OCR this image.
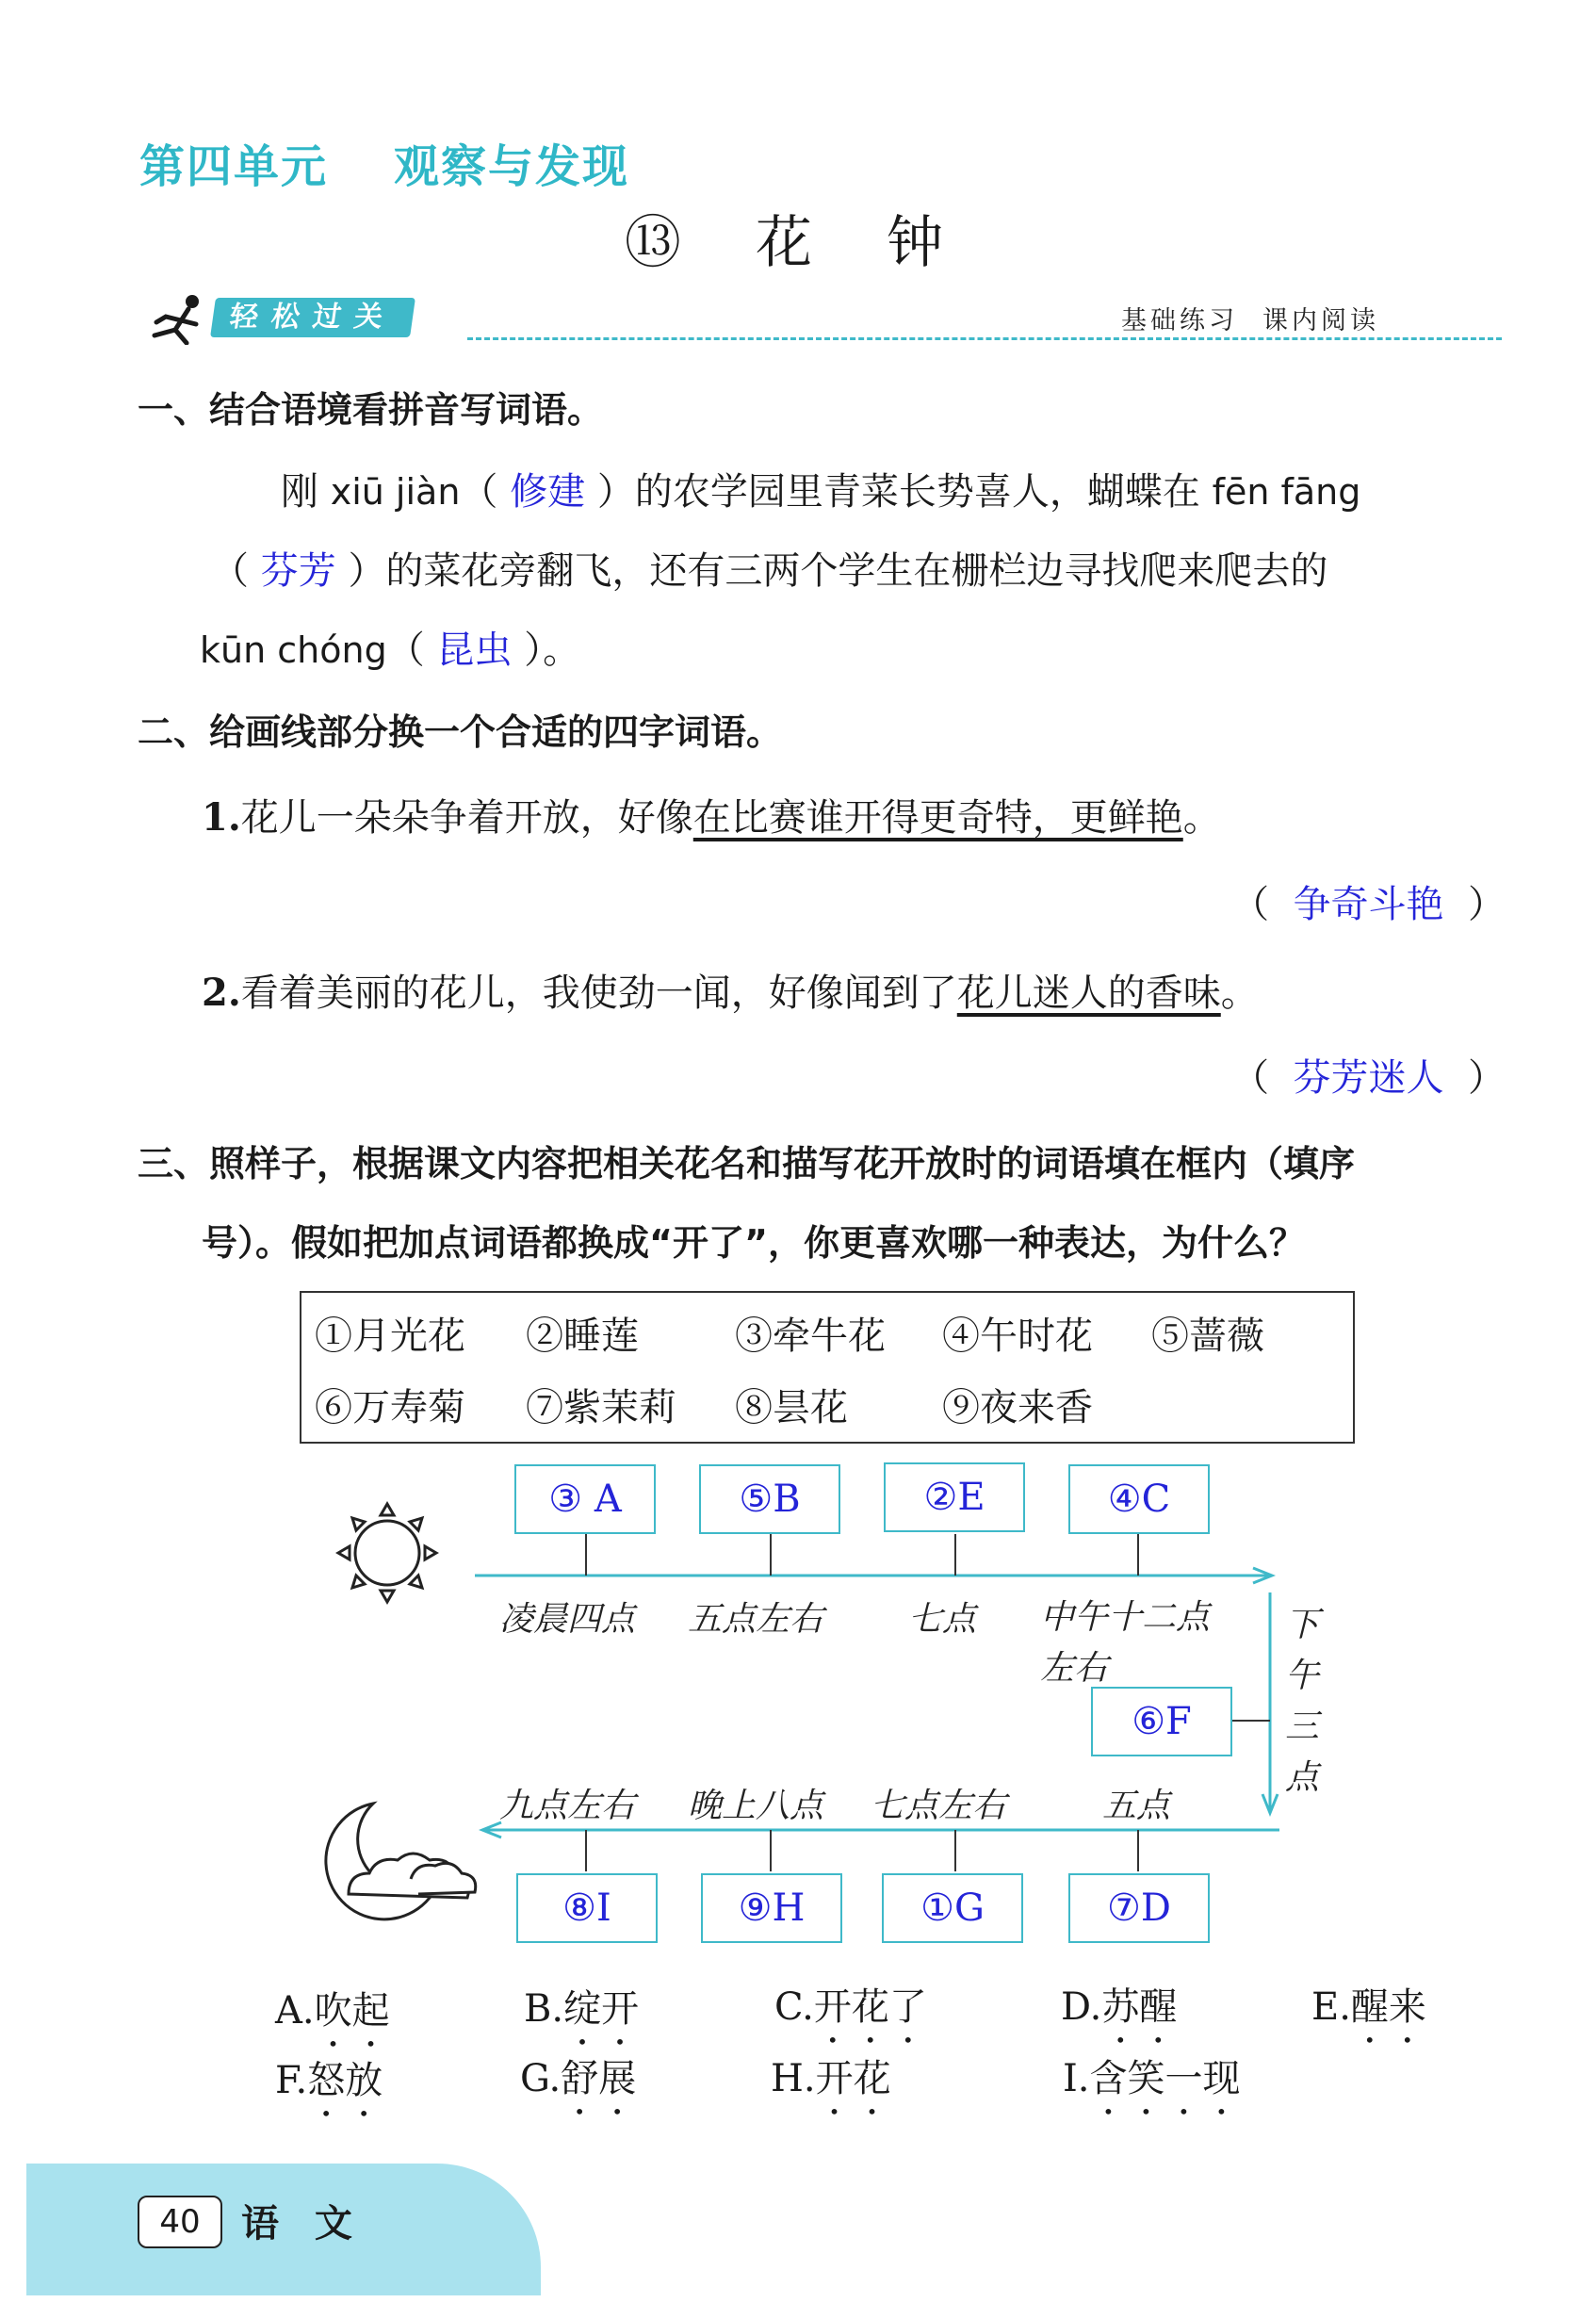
第四单元 观察与发现
⑬ 花 钟
轻松过关	基础练习 课内阅读
一、结合语境看拼音写词语。
刚 xiū jiàn（ 修建 ）的农学园里青菜长势喜人，蝴蝶在 fēn fāng
（ 芬芳 ）的菜花旁翻飞，还有三两个学生在栅栏边寻找爬来爬去的
kūn chóng（ 昆虫 ）。
二、给画线部分换一个合适的四字词语。
1.花儿一朵朵争着开放，好像在比赛谁开得更奇特，更鲜艳。
（  争奇斗艳  ）
2.看着美丽的花儿，我使劲一闻，好像闻到了花儿迷人的香味。
（  芬芳迷人  ）
三、照样子，根据课文内容把相关花名和描写花开放时的词语填在框内（填序
号）。假如把加点词语都换成“开了”，你更喜欢哪一种表达，为什么？
①月光花 ②睡莲	③牵牛花 ④午时花 ⑤蔷薇
⑥万寿菊 ⑦紫茉莉 ⑧昙花	⑨夜来香
③ A	⑤B	②E	④C
凌晨四点 五点左右 七点 中午十二点
左右
⑥F
下
午
三
点
九点左右 晚上八点 七点左右	五点
⑧I	⑨H	①G	⑦D
A.吹起	B.绽开	C.开花了	D.苏醒	E.醒来
F.怒放	G.舒展	H.开花	I.含笑一现
40	语 文
